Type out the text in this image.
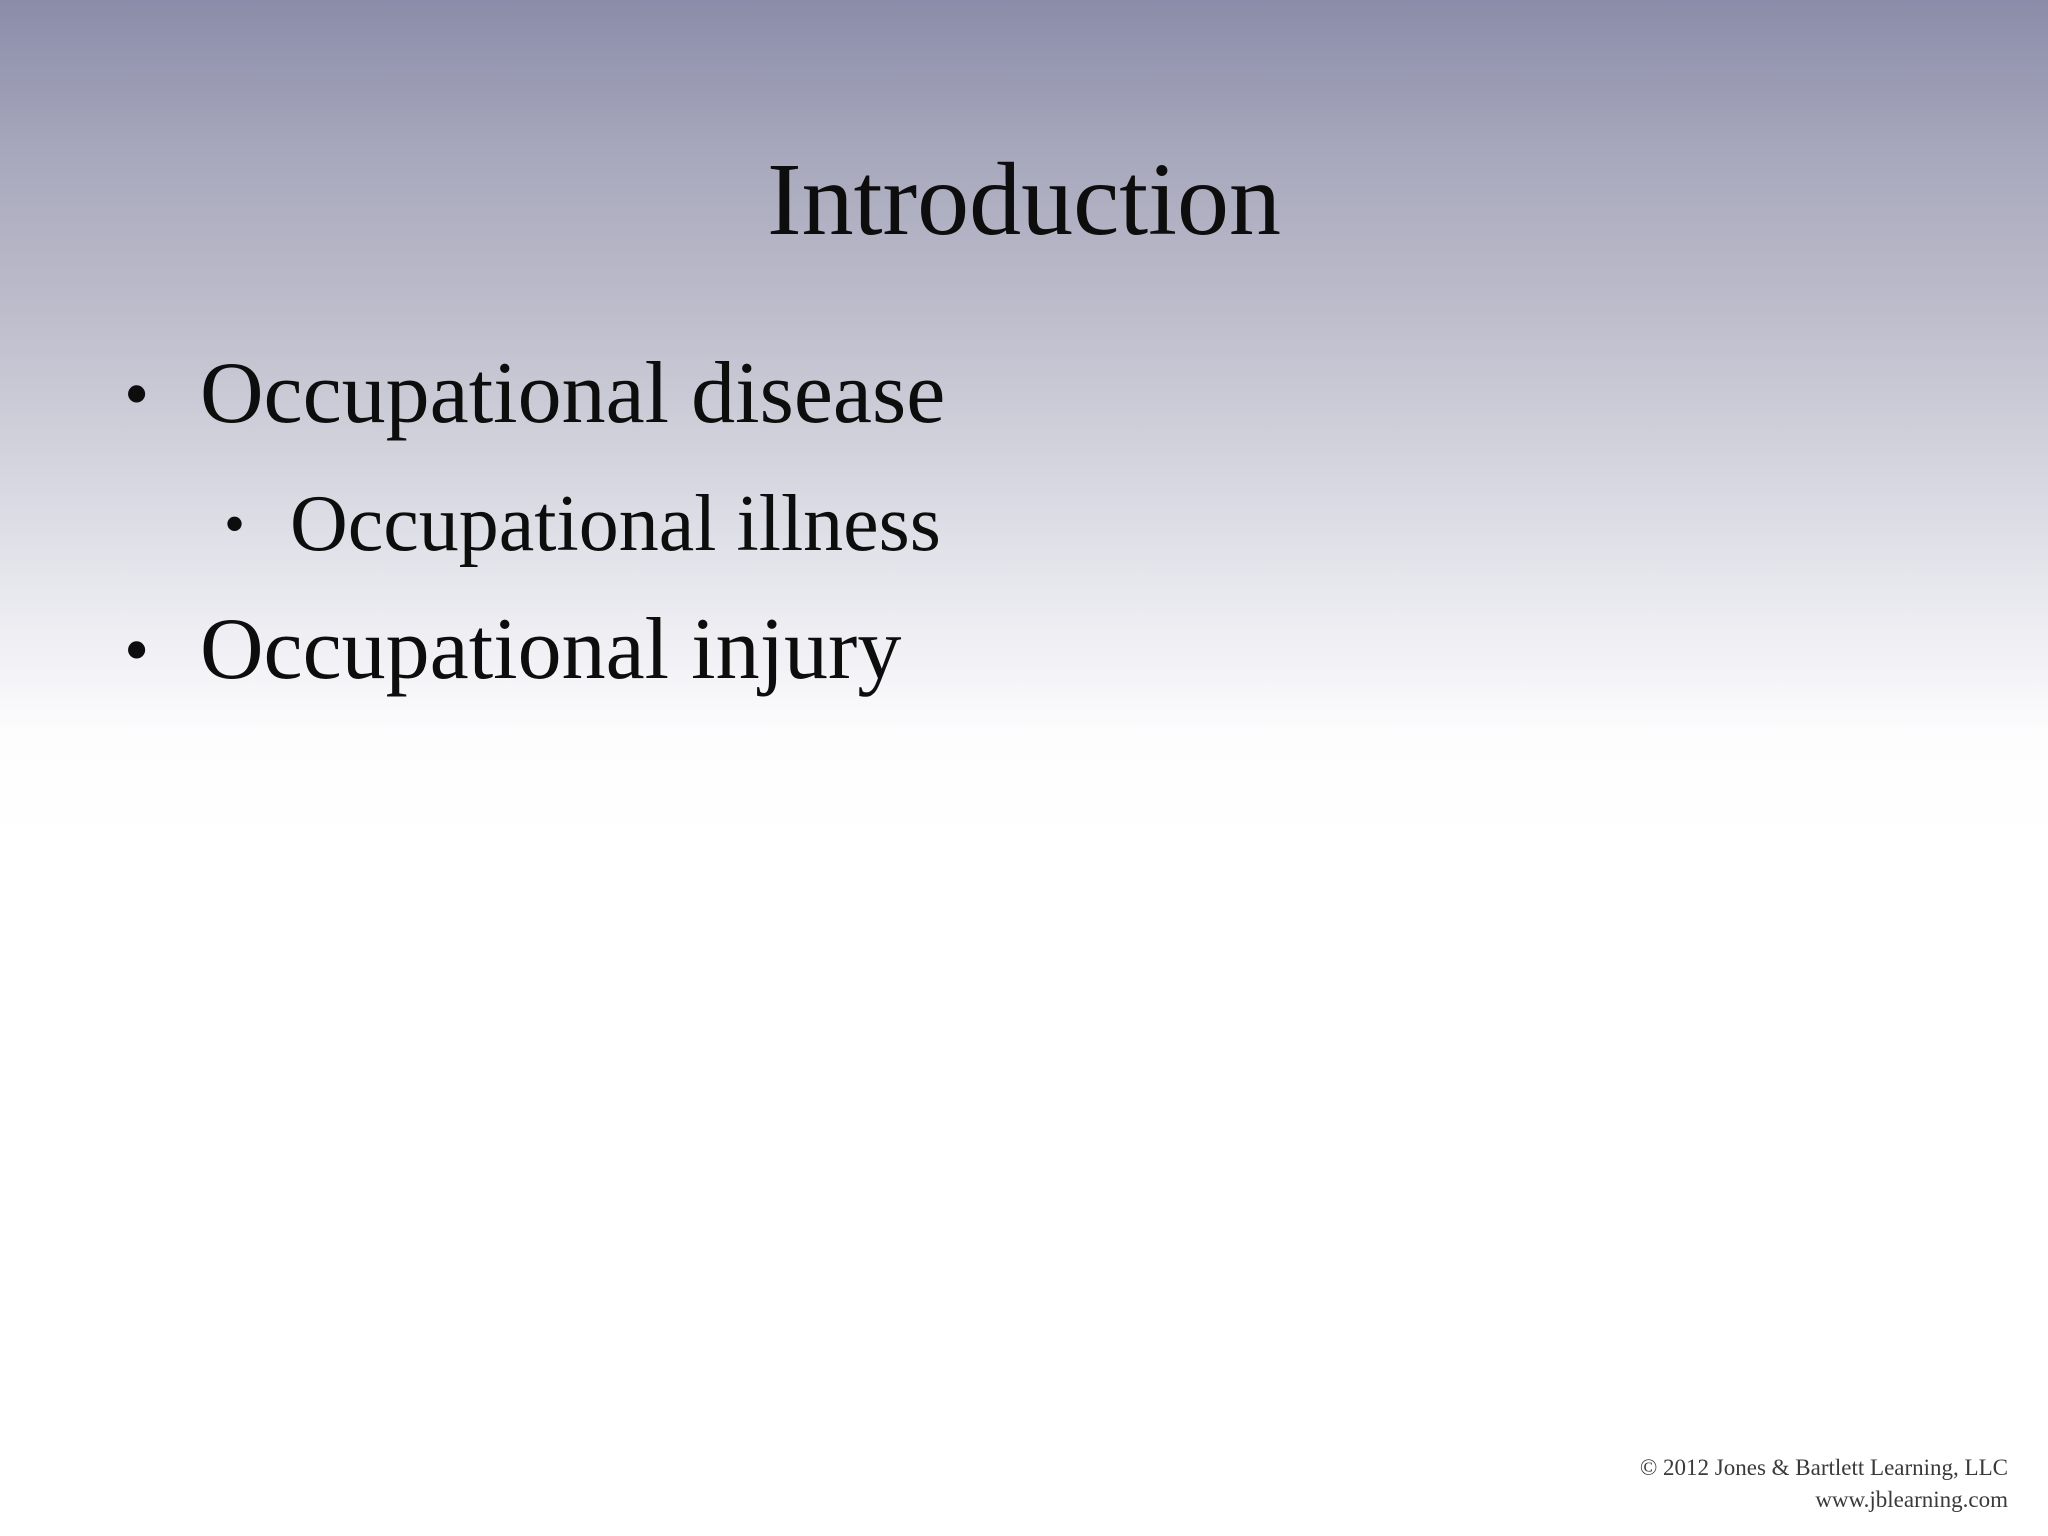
Introduction
• Occupational disease
• Occupational illness
• Occupational injury
© 2012 Jones & Bartlett Learning, LLC
www.jblearning.com
